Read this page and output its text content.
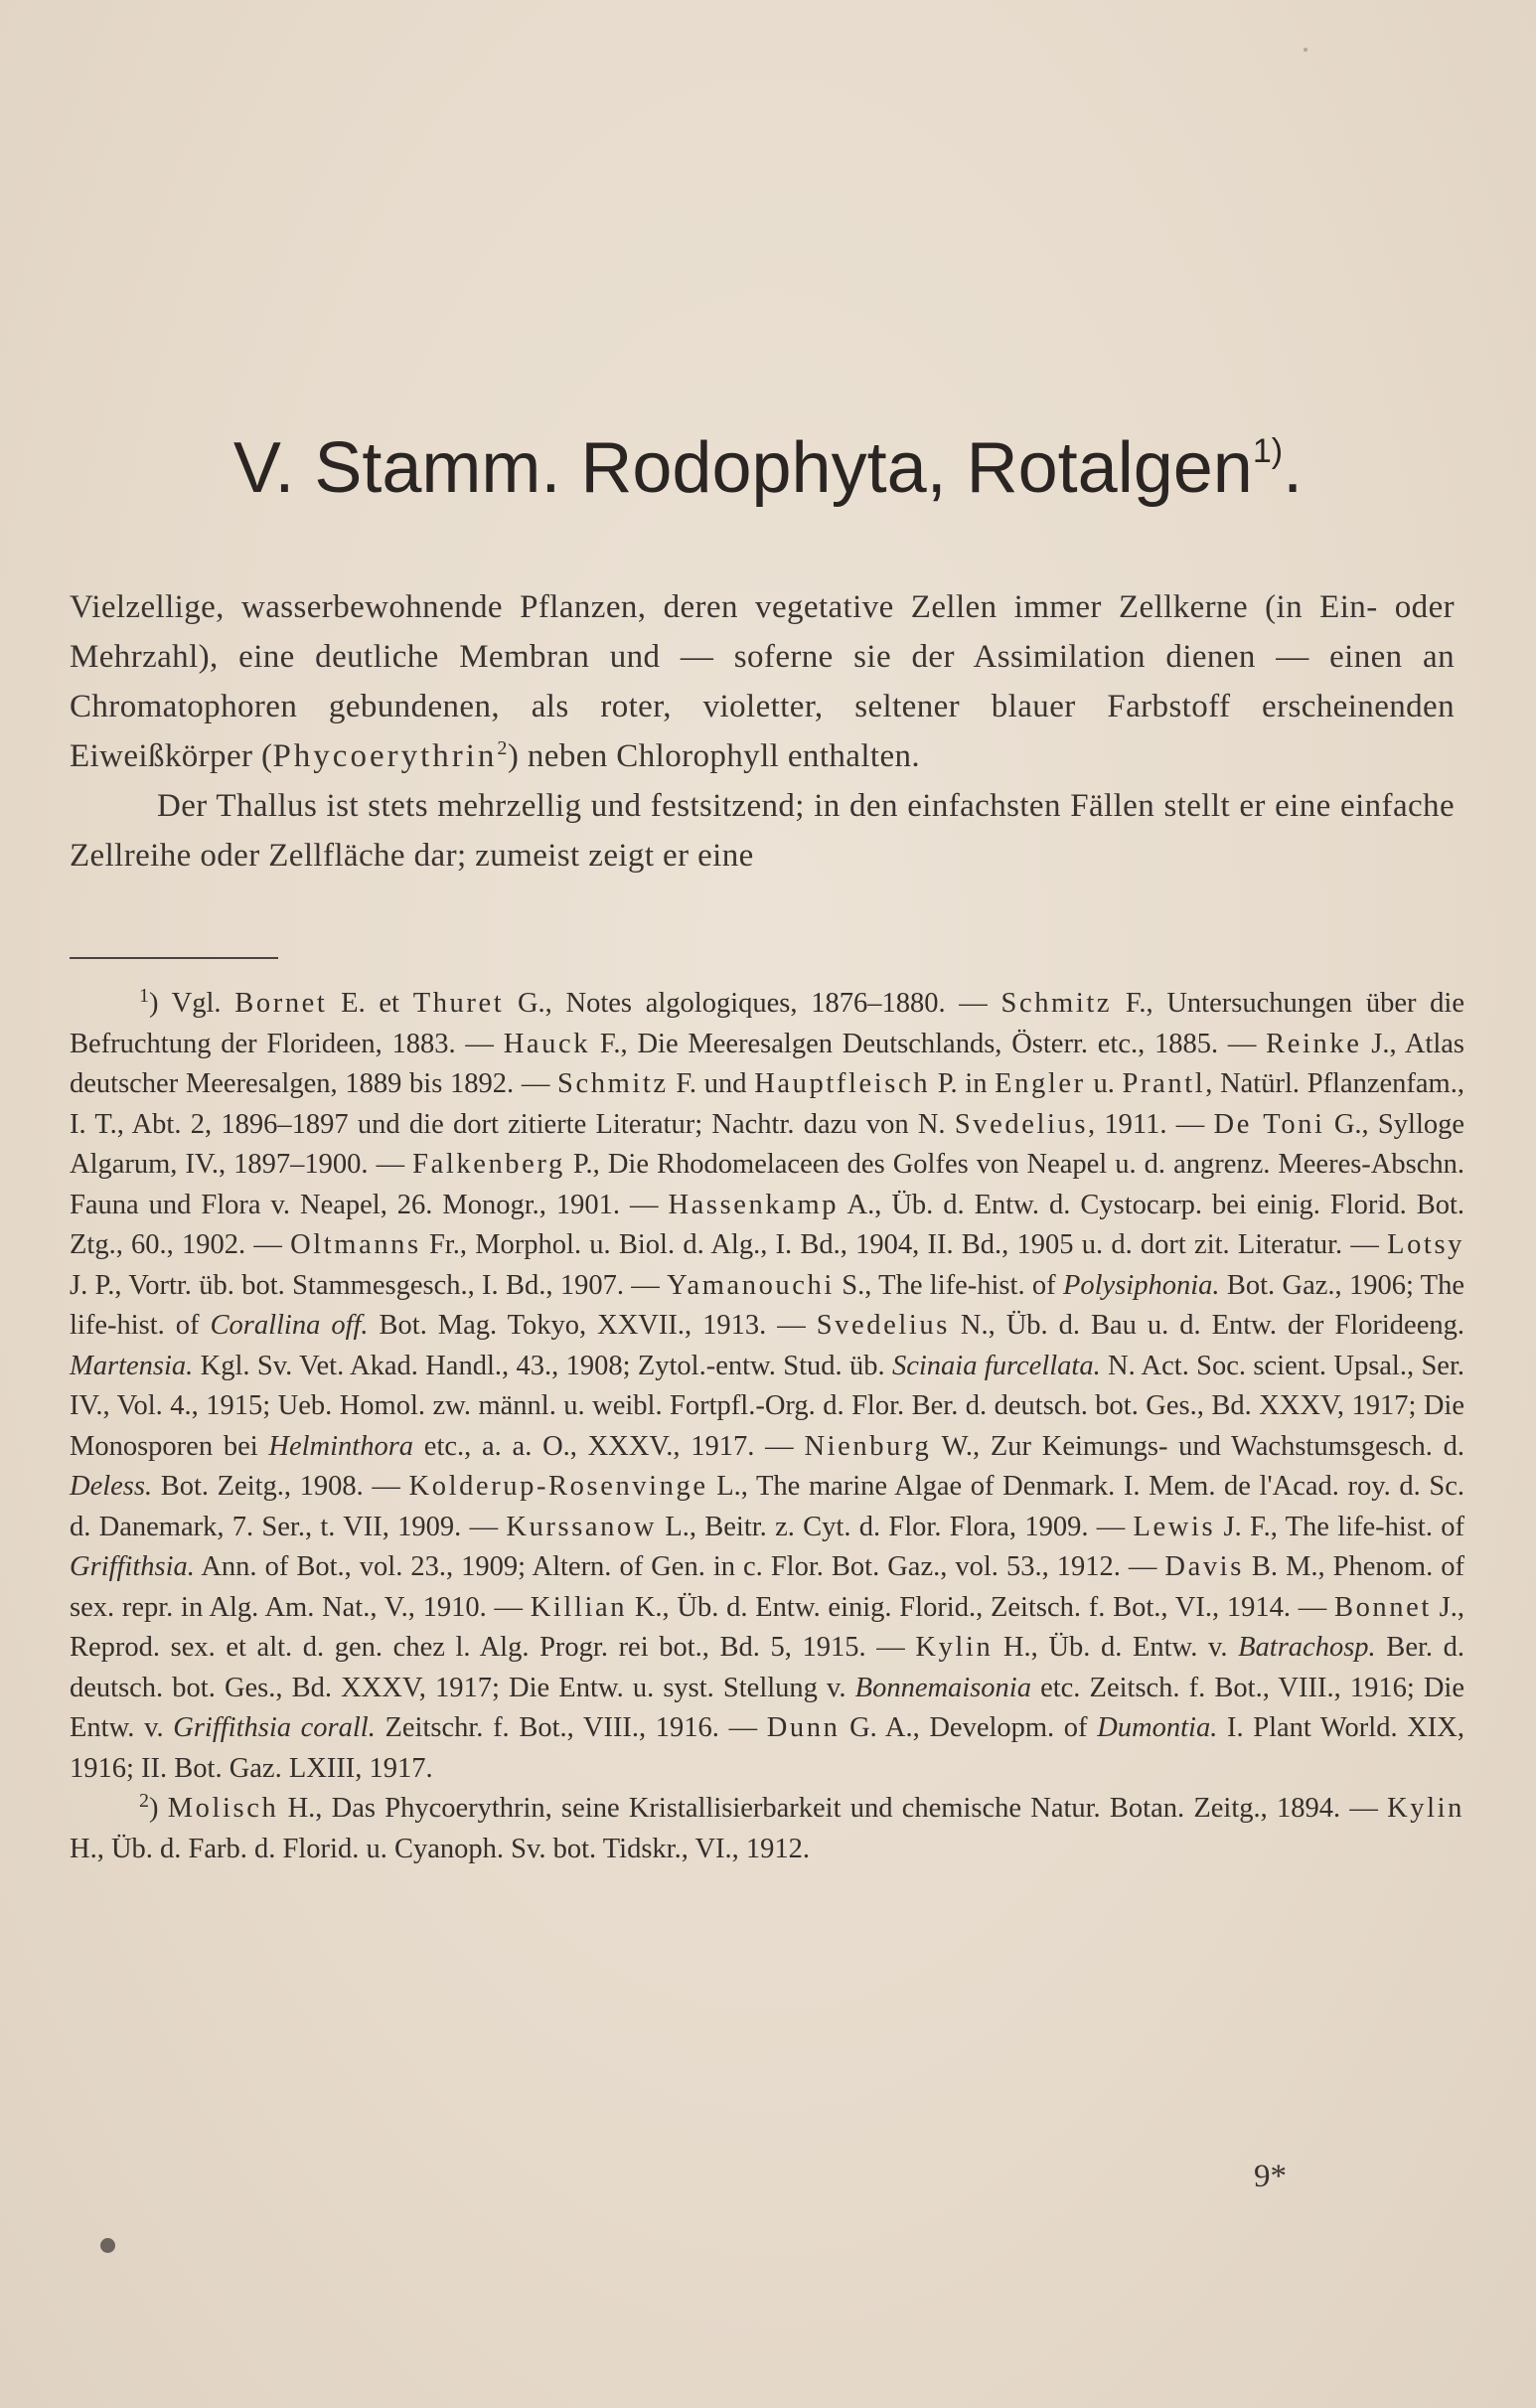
V. Stamm. Rodophyta, Rotalgen$^{1)}$.

Vielzellige, wasserbewohnende Pflanzen, deren vegetative Zellen immer Zellkerne (in Ein- oder Mehrzahl), eine deutliche Membran und — soferne sie der Assimilation dienen — einen an Chromatophoren gebundenen, als roter, violetter, seltener blauer Farbstoff erscheinenden Eiweißkörper (Phycoerythrin$^2$) neben Chlorophyll enthalten.

Der Thallus ist stets mehrzellig und festsitzend; in den einfachsten Fällen stellt er eine einfache Zellreihe oder Zellfläche dar; zumeist zeigt er eine

$^1$) Vgl. Bornet E. et Thuret G., Notes algologiques, 1876–1880. — Schmitz F., Untersuchungen über die Befruchtung der Florideen, 1883. — Hauck F., Die Meeresalgen Deutschlands, Österr. etc., 1885. — Reinke J., Atlas deutscher Meeresalgen, 1889 bis 1892. — Schmitz F. und Hauptfleisch P. in Engler u. Prantl, Natürl. Pflanzenfam., I. T., Abt. 2, 1896–1897 und die dort zitierte Literatur; Nachtr. dazu von N. Svedelius, 1911. — De Toni G., Sylloge Algarum, IV., 1897–1900. — Falkenberg P., Die Rhodomelaceen des Golfes von Neapel u. d. angrenz. Meeres-Abschn. Fauna und Flora v. Neapel, 26. Monogr., 1901. — Hassenkamp A., Üb. d. Entw. d. Cystocarp. bei einig. Florid. Bot. Ztg., 60., 1902. — Oltmanns Fr., Morphol. u. Biol. d. Alg., I. Bd., 1904, II. Bd., 1905 u. d. dort zit. Literatur. — Lotsy J. P., Vortr. üb. bot. Stammesgesch., I. Bd., 1907. — Yamanouchi S., The life-hist. of Polysiphonia. Bot. Gaz., 1906; The life-hist. of Corallina off. Bot. Mag. Tokyo, XXVII., 1913. — Svedelius N., Üb. d. Bau u. d. Entw. der Florideeng. Martensia. Kgl. Sv. Vet. Akad. Handl., 43., 1908; Zytol.-entw. Stud. üb. Scinaia furcellata. N. Act. Soc. scient. Upsal., Ser. IV., Vol. 4., 1915; Ueb. Homol. zw. männl. u. weibl. Fortpfl.-Org. d. Flor. Ber. d. deutsch. bot. Ges., Bd. XXXV, 1917; Die Monosporen bei Helminthora etc., a. a. O., XXXV., 1917. — Nienburg W., Zur Keimungs- und Wachstumsgesch. d. Deless. Bot. Zeitg., 1908. — Kolderup-Rosenvinge L., The marine Algae of Denmark. I. Mem. de l'Acad. roy. d. Sc. d. Danemark, 7. Ser., t. VII, 1909. — Kurssanow L., Beitr. z. Cyt. d. Flor. Flora, 1909. — Lewis J. F., The life-hist. of Griffithsia. Ann. of Bot., vol. 23., 1909; Altern. of Gen. in c. Flor. Bot. Gaz., vol. 53., 1912. — Davis B. M., Phenom. of sex. repr. in Alg. Am. Nat., V., 1910. — Killian K., Üb. d. Entw. einig. Florid., Zeitsch. f. Bot., VI., 1914. — Bonnet J., Reprod. sex. et alt. d. gen. chez l. Alg. Progr. rei bot., Bd. 5, 1915. — Kylin H., Üb. d. Entw. v. Batrachosp. Ber. d. deutsch. bot. Ges., Bd. XXXV, 1917; Die Entw. u. syst. Stellung v. Bonnemaisonia etc. Zeitsch. f. Bot., VIII., 1916; Die Entw. v. Griffithsia corall. Zeitschr. f. Bot., VIII., 1916. — Dunn G. A., Developm. of Dumontia. I. Plant World. XIX, 1916; II. Bot. Gaz. LXIII, 1917.

$^2$) Molisch H., Das Phycoerythrin, seine Kristallisierbarkeit und chemische Natur. Botan. Zeitg., 1894. — Kylin H., Üb. d. Farb. d. Florid. u. Cyanoph. Sv. bot. Tidskr., VI., 1912.

9*
